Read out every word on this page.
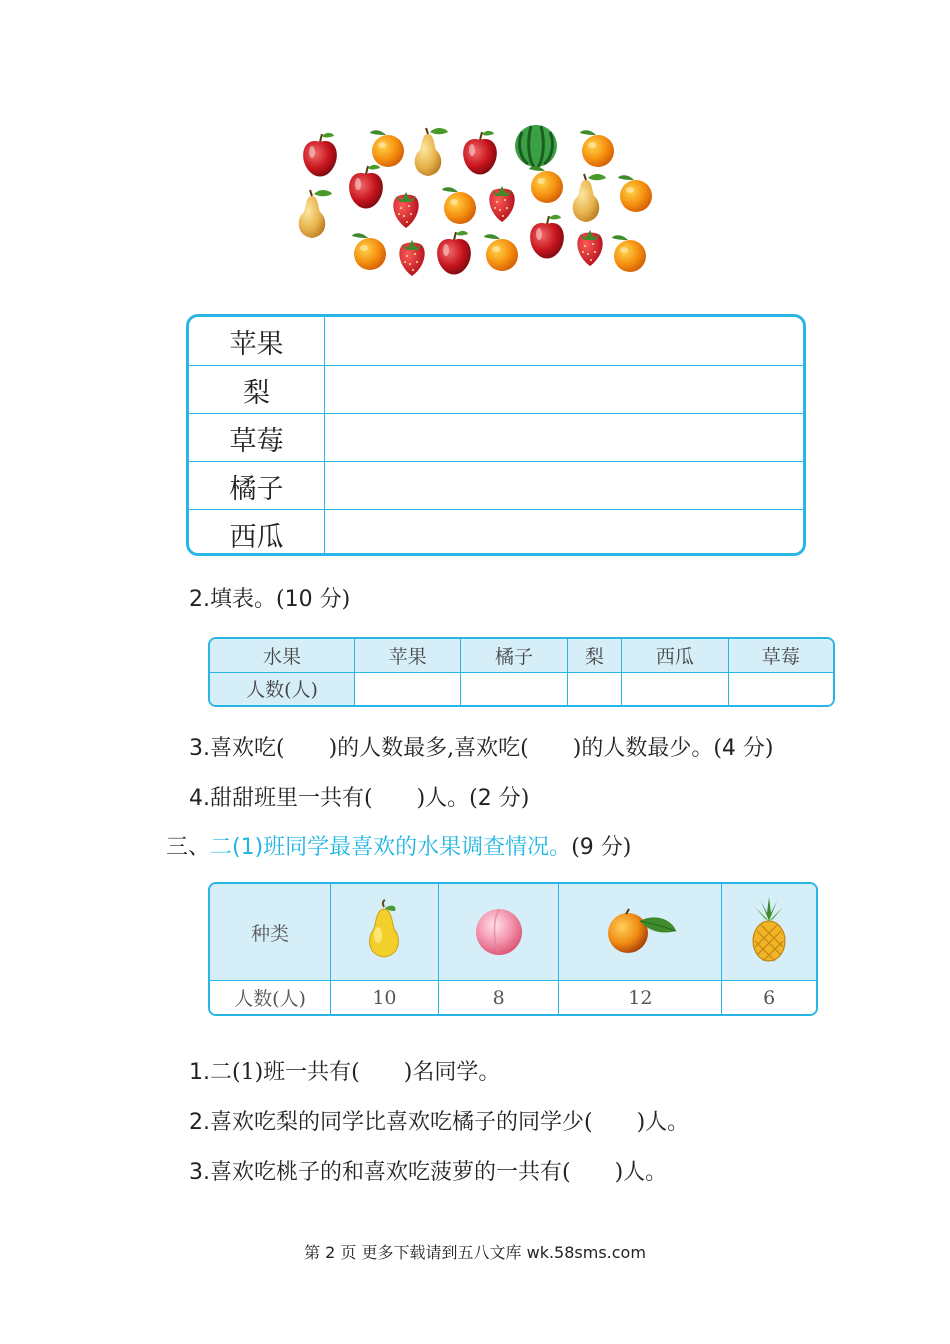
苹果
梨
草莓
橘子
西瓜
2.填表。(10 分)
水果	苹果	橘子	梨	西瓜	草莓
人数(人)					
3.喜欢吃(　　)的人数最多,喜欢吃(　　)的人数最少。(4 分)
4.甜甜班里一共有(　　)人。(2 分)
三、二(1)班同学最喜欢的水果调查情况。(9 分)
种类				
人数(人)	10	8	12	6
1.二(1)班一共有(　　)名同学。
2.喜欢吃梨的同学比喜欢吃橘子的同学少(　　)人。
3.喜欢吃桃子的和喜欢吃菠萝的一共有(　　)人。
第 2 页 更多下载请到五八文库 wk.58sms.com
